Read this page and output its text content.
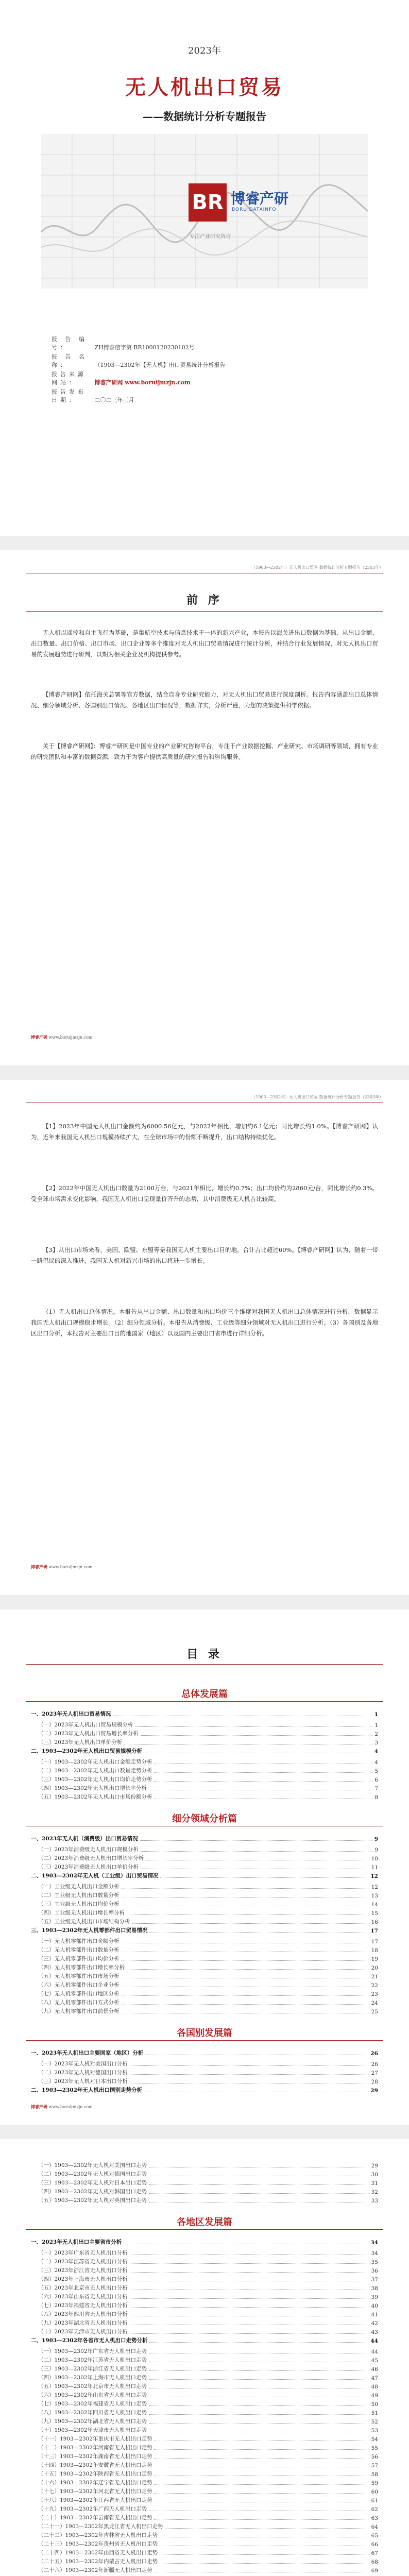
2023年
无人机出口贸易
——数据统计分析专题报告
BR 博睿产研
BORUIDATAINFO
专注产业研究咨询
报 告 编 号：	ZH博睿信字第 BR1000120230102号
报 告 名 称：	（1903—2302年【无人机】出口贸易统计分析报告
报告来源网站：	博睿产研网 www.boruijmzjn.com
报告发布日期：	二〇二三年三月
（1903—2302年）无人机出口贸易 数据统计分析专题报告（2303年）
前 序
无人机以遥控和自主飞行为基础，是集航空技术与信息技术于一体的新兴产业，本报告以海关进出口数据为基础，从出口金额、出口数量、出口价格、出口市场、出口企业等多个维度对无人机出口贸易情况进行统计分析，并结合行业发展情况，对无人机出口贸易的发展趋势进行研判，以期为相关企业及机构提供参考。
【博睿产研网】依托海关总署等官方数据，结合自身专业研究能力，对无人机出口贸易进行深度剖析。报告内容涵盖出口总体情况、细分领域分析、各国别出口情况、各地区出口情况等，数据详实，分析严谨，为您的决策提供科学依据。
关于【博睿产研网】：博睿产研网是中国专业的产业研究咨询平台，专注于产业数据挖掘、产业研究、市场调研等领域，拥有专业的研究团队和丰富的数据资源，致力于为客户提供高质量的研究报告和咨询服务。
博睿产研 www.boruijmzjn.com
（1903—2302年）无人机出口贸易 数据统计分析专题报告（2303年）
【1】2023年中国无人机出口金额约为6000.56亿元，与2022年相比，增加约6.1亿元；同比增长约1.0%。【博睿产研网】认为，近年来我国无人机出口规模持续扩大，在全球市场中的份额不断提升，出口结构持续优化。
【2】2022年中国无人机出口数量为2100万台，与2021年相比，增长约0.7%；出口均价约为2860元/台，同比增长约0.3%。受全球市场需求变化影响，我国无人机出口呈现量价齐升的态势，其中消费级无人机占比较高。
【3】从出口市场来看，美国、欧盟、东盟等是我国无人机主要出口目的地，合计占比超过60%。【博睿产研网】认为，随着一带一路倡议的深入推进，我国无人机对新兴市场的出口将进一步增长。
（1）无人机出口总体情况。本报告从出口金额、出口数量和出口均价三个维度对我国无人机出口总体情况进行分析，数据显示我国无人机出口规模稳步增长。（2）细分领域分析。本报告从消费级、工业级等细分领域对无人机出口进行分析。（3）各国别及各地区出口分析，本报告对主要出口目的地国家（地区）以及国内主要出口省市进行详细分析。
博睿产研 www.boruijmzjn.com
目 录
总体发展篇
一、2023年无人机出口贸易情况	1
（一）2023年无人机出口贸易规模分析	1
（二）2023年无人机出口贸易增长率分析	2
（三）2023年无人机出口单价分析	3
二、1903—2302年无人机出口贸易规模分析	4
（一）1903—2302年无人机出口金额走势分析	4
（二）1903—2302年无人机出口数量走势分析	5
（三）1903—2302年无人机出口均价走势分析	6
（四）1903—2302年无人机出口增长率分析	7
（五）1903—2302年无人机出口市场份额分析	8
细分领域分析篇
一、2023年无人机（消费级）出口贸易情况	9
（一）2023年消费级无人机出口规模分析	9
（二）2023年消费级无人机出口增长率分析	10
（三）2023年消费级无人机出口单价分析	11
二、1903—2302年无人机（工业级）出口贸易情况	12
（一）工业级无人机出口金额分析	12
（二）工业级无人机出口数量分析	13
（三）工业级无人机出口均价分析	14
（四）工业级无人机出口增长率分析	15
（五）工业级无人机出口市场结构分析	16
三、1903—2302年无人机零部件出口贸易情况	17
（一）无人机零部件出口金额分析	17
（二）无人机零部件出口数量分析	18
（三）无人机零部件出口均价分析	19
（四）无人机零部件出口增长率分析	20
（五）无人机零部件出口市场分析	21
（六）无人机零部件出口企业分析	22
（七）无人机零部件出口地区分析	23
（八）无人机零部件出口方式分析	24
（九）无人机零部件出口前景分析	25
各国别发展篇
一、2023年无人机出口主要国家（地区）分析	26
（一）2023年无人机对美国出口分析	26
（二）2023年无人机对德国出口分析	27
（三）2023年无人机对日本出口分析	28
二、1903—2302年无人机出口国别走势分析	29
博睿产研 www.boruijmzjn.com
（一）1903—2302年无人机对美国出口走势	29
（二）1903—2302年无人机对德国出口走势	30
（三）1903—2302年无人机对日本出口走势	31
（四）1903—2302年无人机对韩国出口走势	32
（五）1903—2302年无人机对英国出口走势	33
各地区发展篇
一、2023年无人机出口主要省市分析	34
（一）2023年广东省无人机出口分析	34
（二）2023年江苏省无人机出口分析	35
（三）2023年浙江省无人机出口分析	36
（四）2023年上海市无人机出口分析	37
（五）2023年北京市无人机出口分析	38
（六）2023年山东省无人机出口分析	39
（七）2023年福建省无人机出口分析	40
（八）2023年四川省无人机出口分析	41
（九）2023年湖北省无人机出口分析	42
（十）2023年天津市无人机出口分析	43
二、1903—2302年各省市无人机出口走势分析	44
（一）1903—2302年广东省无人机出口走势	44
（二）1903—2302年江苏省无人机出口走势	45
（三）1903—2302年浙江省无人机出口走势	46
（四）1903—2302年上海市无人机出口走势	47
（五）1903—2302年北京市无人机出口走势	48
（六）1903—2302年山东省无人机出口走势	49
（七）1903—2302年福建省无人机出口走势	50
（八）1903—2302年四川省无人机出口走势	51
（九）1903—2302年湖北省无人机出口走势	52
（十）1903—2302年天津市无人机出口走势	53
（十一）1903—2302年重庆市无人机出口走势	54
（十二）1903—2302年河南省无人机出口走势	55
（十三）1903—2302年湖南省无人机出口走势	56
（十四）1903—2302年安徽省无人机出口走势	57
（十五）1903—2302年陕西省无人机出口走势	58
（十六）1903—2302年辽宁省无人机出口走势	59
（十七）1903—2302年河北省无人机出口走势	60
（十八）1903—2302年江西省无人机出口走势	61
（十九）1903—2302年广西无人机出口走势	62
（二十）1903—2302年云南省无人机出口走势	63
（二十一）1903—2302年黑龙江省无人机出口走势	64
（二十二）1903—2302年吉林省无人机出口走势	65
（二十三）1903—2302年贵州省无人机出口走势	66
（二十四）1903—2302年山西省无人机出口走势	67
（二十五）1903—2302年内蒙古无人机出口走势	68
（二十六）1903—2302年新疆无人机出口走势	69
